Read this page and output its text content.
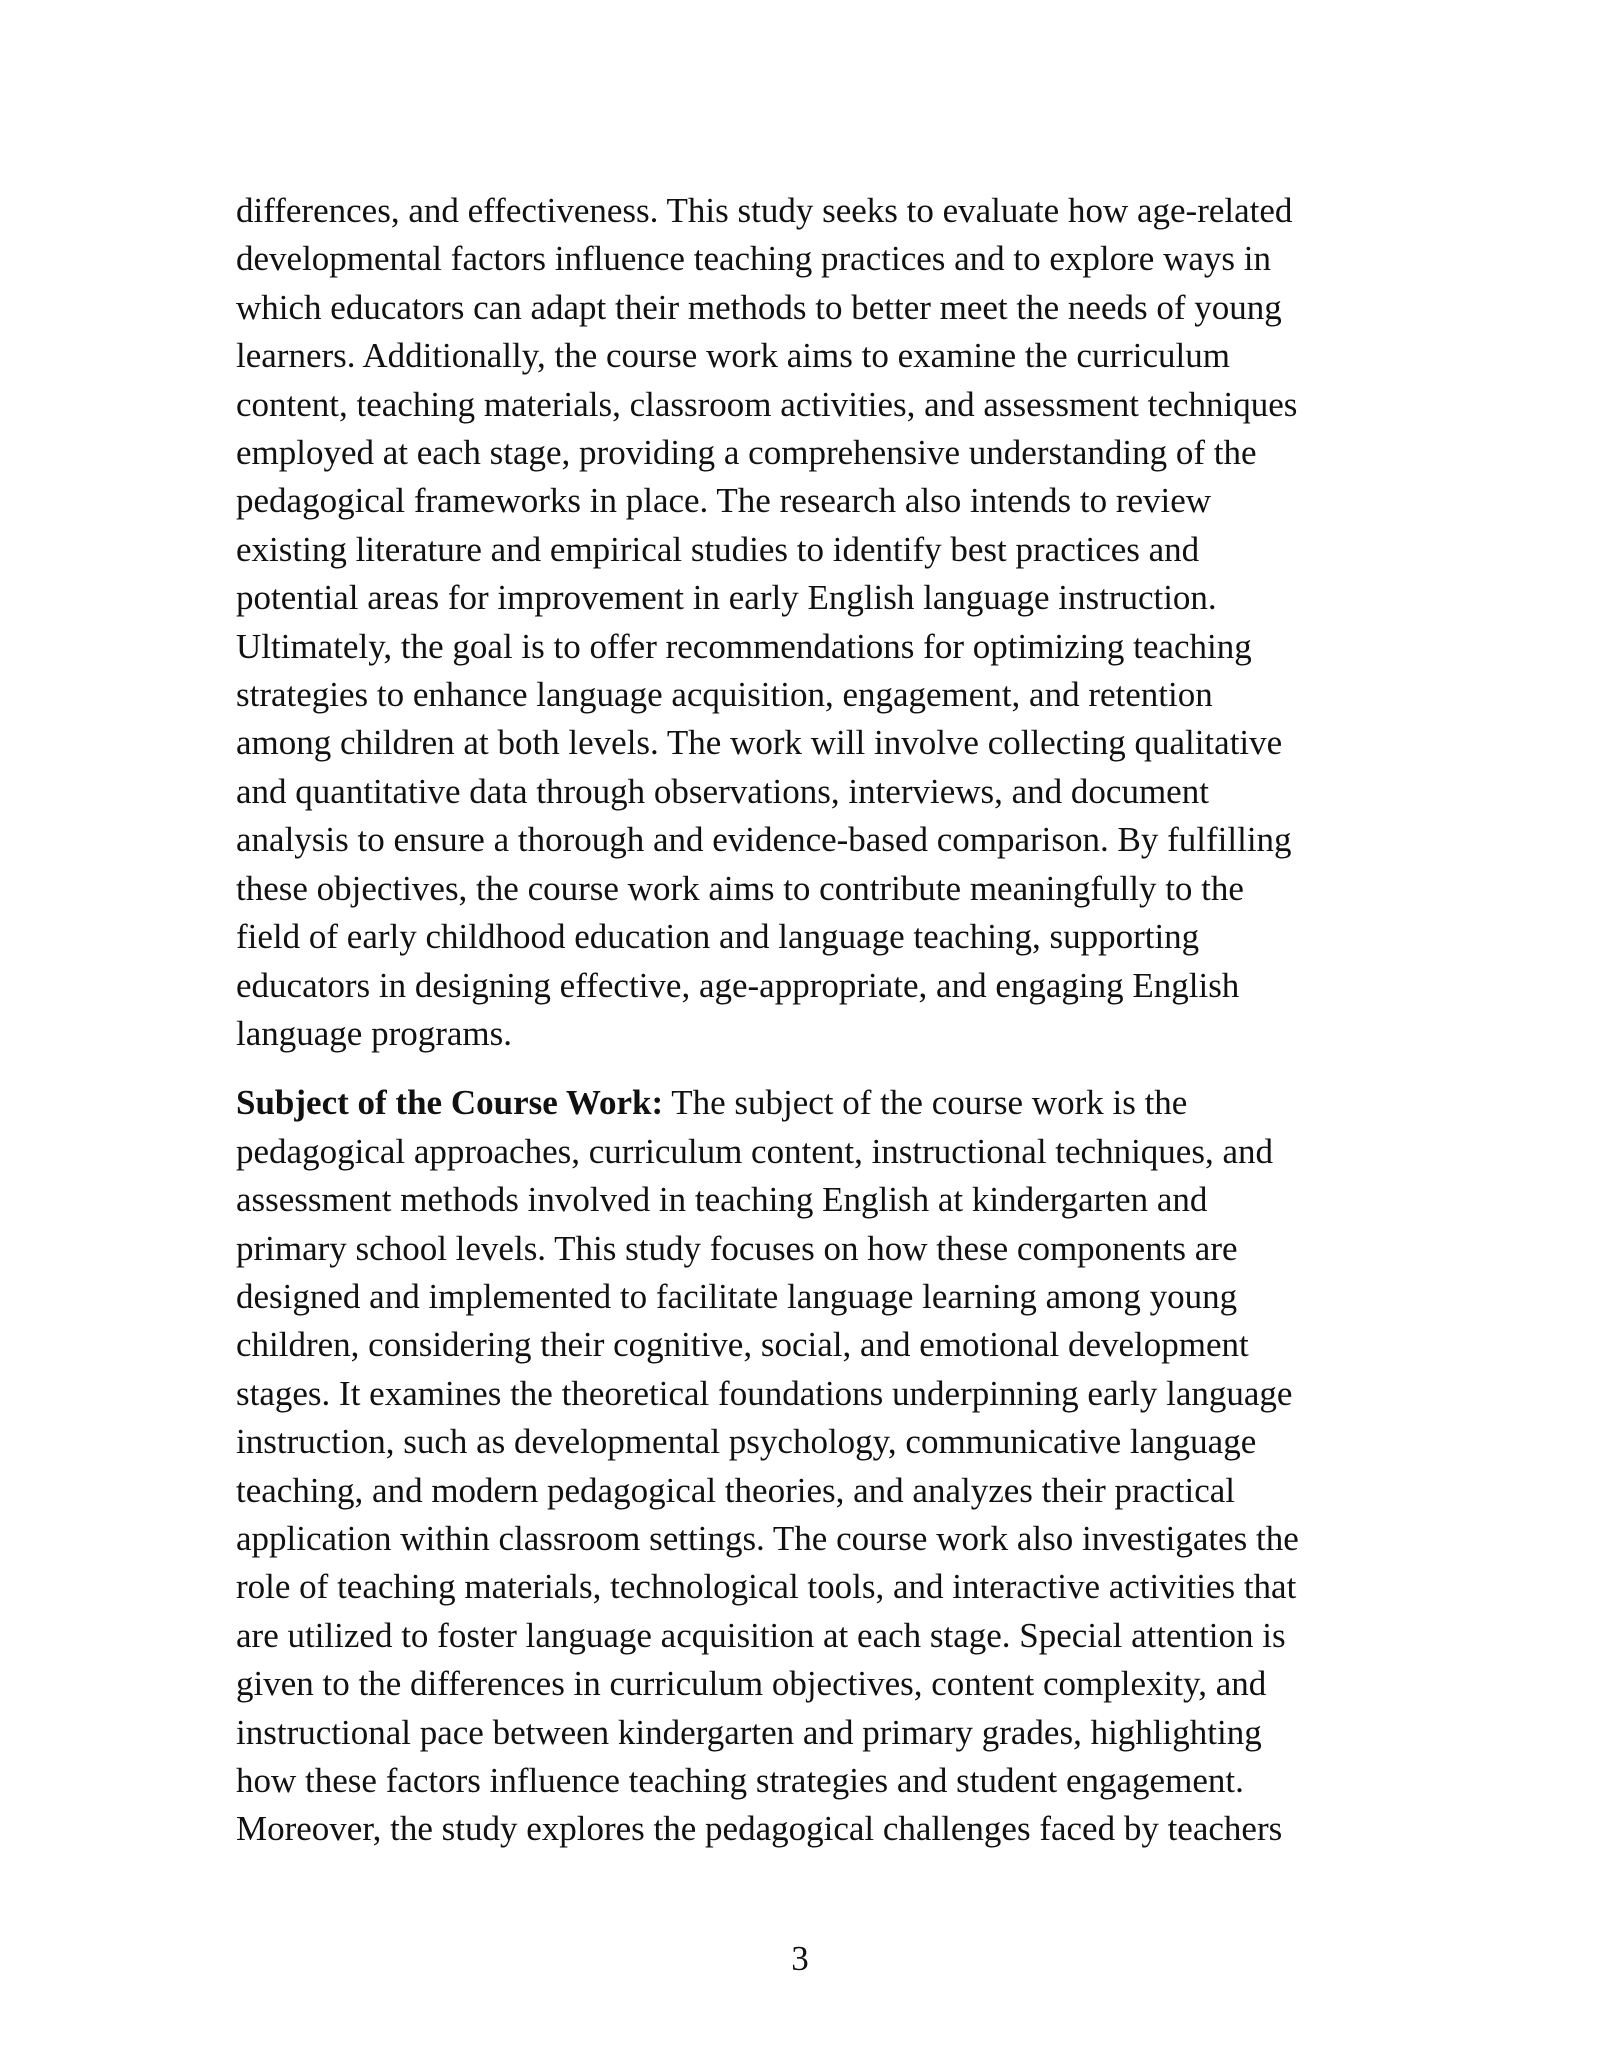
differences, and effectiveness. This study seeks to evaluate how age-related
developmental factors influence teaching practices and to explore ways in
which educators can adapt their methods to better meet the needs of young
learners. Additionally, the course work aims to examine the curriculum
content, teaching materials, classroom activities, and assessment techniques
employed at each stage, providing a comprehensive understanding of the
pedagogical frameworks in place. The research also intends to review
existing literature and empirical studies to identify best practices and
potential areas for improvement in early English language instruction.
Ultimately, the goal is to offer recommendations for optimizing teaching
strategies to enhance language acquisition, engagement, and retention
among children at both levels. The work will involve collecting qualitative
and quantitative data through observations, interviews, and document
analysis to ensure a thorough and evidence-based comparison. By fulfilling
these objectives, the course work aims to contribute meaningfully to the
field of early childhood education and language teaching, supporting
educators in designing effective, age-appropriate, and engaging English
language programs.
Subject of the Course Work: The subject of the course work is the
pedagogical approaches, curriculum content, instructional techniques, and
assessment methods involved in teaching English at kindergarten and
primary school levels. This study focuses on how these components are
designed and implemented to facilitate language learning among young
children, considering their cognitive, social, and emotional development
stages. It examines the theoretical foundations underpinning early language
instruction, such as developmental psychology, communicative language
teaching, and modern pedagogical theories, and analyzes their practical
application within classroom settings. The course work also investigates the
role of teaching materials, technological tools, and interactive activities that
are utilized to foster language acquisition at each stage. Special attention is
given to the differences in curriculum objectives, content complexity, and
instructional pace between kindergarten and primary grades, highlighting
how these factors influence teaching strategies and student engagement.
Moreover, the study explores the pedagogical challenges faced by teachers
3
